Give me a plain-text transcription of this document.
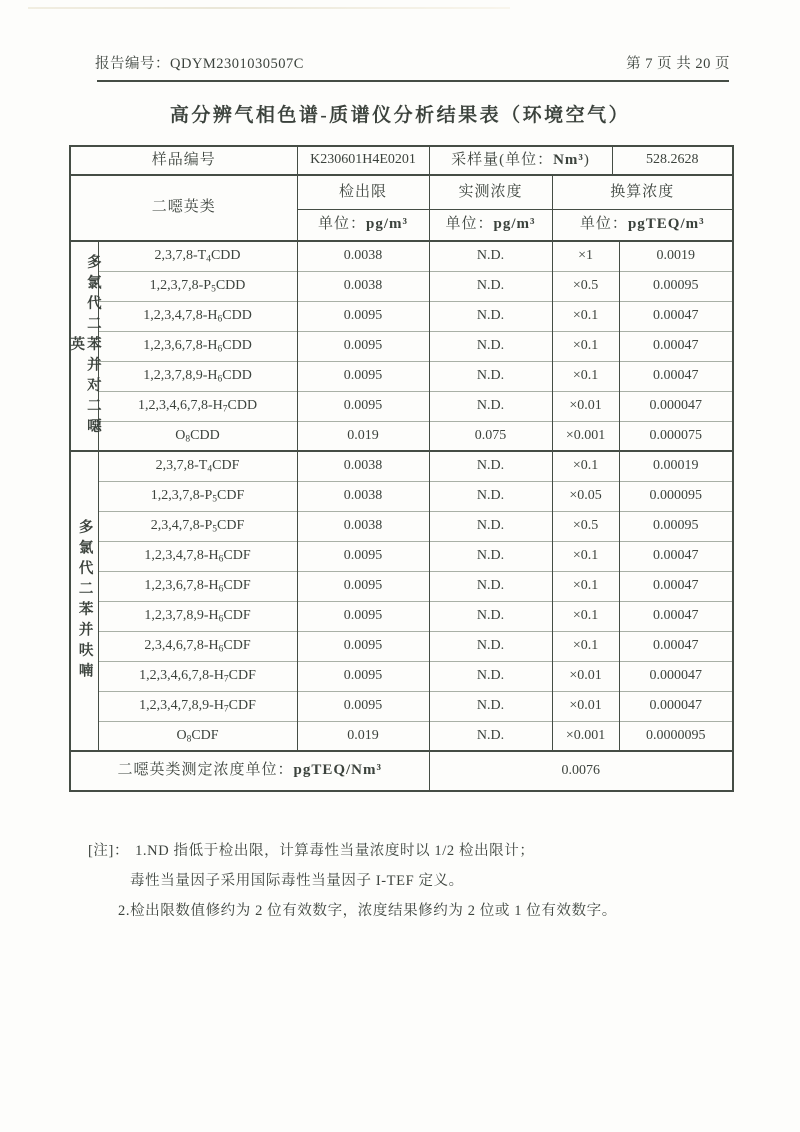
报告编号：QDYM2301030507C	第 7 页 共 20 页
高分辨气相色谱-质谱仪分析结果表（环境空气）
样品编号	K230601H4E0201	采样量(单位：Nm³)	528.2628
二噁英类		检出限	实测浓度	换算浓度	
		单位：pg/m³	单位：pg/m³	单位：pgTEQ/m³	
多氯代二苯并对二噁英	$2,3,7,8-T_4CDD$	0.0038	N.D.	×1	0.0019
	$1,2,3,7,8-P_5CDD$	0.0038	N.D.	×0.5	0.00095
	$1,2,3,4,7,8-H_6CDD$	0.0095	N.D.	×0.1	0.00047
	$1,2,3,6,7,8-H_6CDD$	0.0095	N.D.	×0.1	0.00047
	$1,2,3,7,8,9-H_6CDD$	0.0095	N.D.	×0.1	0.00047
	$1,2,3,4,6,7,8-H_7CDD$	0.0095	N.D.	×0.01	0.000047
	$O_8CDD$	0.019	0.075	×0.001	0.000075
多氯代二苯并呋喃	$2,3,7,8-T_4CDF$	0.0038	N.D.	×0.1	0.00019
	$1,2,3,7,8-P_5CDF$	0.0038	N.D.	×0.05	0.000095
	$2,3,4,7,8-P_5CDF$	0.0038	N.D.	×0.5	0.00095
	$1,2,3,4,7,8-H_6CDF$	0.0095	N.D.	×0.1	0.00047
	$1,2,3,6,7,8-H_6CDF$	0.0095	N.D.	×0.1	0.00047
	$1,2,3,7,8,9-H_6CDF$	0.0095	N.D.	×0.1	0.00047
	$2,3,4,6,7,8-H_6CDF$	0.0095	N.D.	×0.1	0.00047
	$1,2,3,4,6,7,8-H_7CDF$	0.0095	N.D.	×0.01	0.000047
	$1,2,3,4,7,8,9-H_7CDF$	0.0095	N.D.	×0.01	0.000047
	$O_8CDF$	0.019	N.D.	×0.001	0.0000095
二噁英类测定浓度单位：pgTEQ/Nm³			0.0076		
[注]： 1.ND 指低于检出限，计算毒性当量浓度时以 1/2 检出限计；
毒性当量因子采用国际毒性当量因子 I-TEF 定义。
2.检出限数值修约为 2 位有效数字，浓度结果修约为 2 位或 1 位有效数字。
